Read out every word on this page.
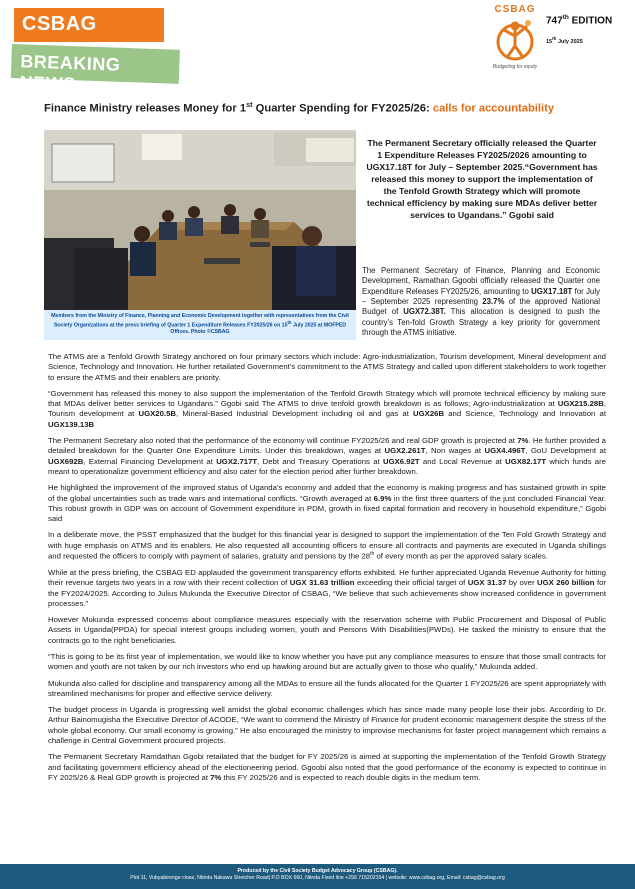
CSBAG
BREAKING NEWS
CSBAG
Budgeting for equity
747th EDITION
15th July 2025
Finance Ministry releases Money for 1st Quarter Spending for FY2025/26: calls for accountability
Members from the Ministry of Finance, Planning and Economic Development together with representatives from the Civil Society Organizations at the press briefing of Quarter 1 Expenditure Releases FY2025/26 on 15th July 2025 at MOFPED Offices. Photo ©CSBAG
The Permanent Secretary officially released the Quarter 1 Expenditure Releases FY2025/2026 amounting to UGX17.18T for July – September 2025.“Government has released this money to support the implementation of the Tenfold Growth Strategy which will promote technical efficiency by making sure MDAs deliver better services to Ugandans.” Ggobi said
The Permanent Secretary of Finance, Planning and Economic Development, Ramathan Ggoobi officially released the Quarter one Expenditure Releases FY2025/26, amounting to UGX17.18T for July – September 2025 representing 23.7% of the approved National Budget of UGX72.38T. This allocation is designed to push the country’s Ten-fold Growth Strategy a key priority for government through the ATMS initiative.

The ATMS are a Tenfold Growth Strategy anchored on four primary sectors which include: Agro-industrialization, Tourism development, Mineral development and Science, Technology and Innovation. He further retailated Government’s commitment to the ATMS Strategy and called upon different stakeholders to work together to ensure the ATMS and their enablers are priority.

“Government has released this money to also support the implementation of the Tenfold Growth Strategy which will promote technical efficiency by making sure that MDAs deliver better services to Ugandans.” Ggobi said The ATMS to drive tenfold growth breakdown is as follows; Agro-industrialization at UGX215.28B, Tourism development at UGX20.5B, Mineral-Based Industrial Development including oil and gas at UGX26B and Science, Technology and Innovation at UGX139.13B

The Permanent Secretary also noted that the performance of the economy will continue FY2025/26 and real GDP growth is projected at 7%. He further provided a detailed breakdown for the Quarter One Expenditure Limits. Under this breakdown, wages at UGX2.261T, Non wages at UGX4.496T, GoU Development at UGX692B, External Financing Development at UGX2.717T, Debt and Treasury Operations at UGX6.92T and Local Revenue at UGX82.17T which funds are meant to operationalize government efficiency and also cater for the election period after further breakdown.

He highlighted the improvement of the improved status of Uganda’s economy and added that the economy is making progress and has sustained growth in spite of the global uncertainties such as trade wars and international conflicts. “Growth averaged at 6.9% in the first three quarters of the just concluded Financial Year. This robust growth in GDP was on account of Government expenditure in PDM, growth in fixed capital formation and recovery in household expenditure,” Ggobi said

In a deliberate move, the PSST emphasized that the budget for this financial year is designed to support the implementation of the Ten Fold Growth Strategy and with huge emphasis on ATMS and its enablers. He also requested all accounting officers to ensure all contracts and payments are executed in Uganda shillings and requested the officers to comply with payment of salaries, gratuity and pensions by the 28th of every month as per the approved salary scales.

While at the press briefing, the CSBAG ED applauded the government transparency efforts exhibited. He further appreciated Uganda Revenue Authority for hitting their revenue targets two years in a row with their recent collection of UGX 31.63 trillion exceeding their official target of UGX 31.37 by over UGX 260 billion for the FY2024/2025. According to Julius Mukunda the Executive Director of CSBAG, “We believe that such achievements show increased confidence in government processes.”

However Mukunda expressed concerns about compliance measures especially with the reservation scheme with Public Procurement and Disposal of Public Assets in Uganda(PPDA) for special interest groups including women, youth and Persons With Disabilities(PWDs). He tasked the ministry to ensure that the contracts go to the right beneficiaries.

“This is going to be its first year of implementation, we would like to know whether you have put any compliance measures to ensure that those small contracts for women and youth are not taken by our rich investors who end up hawking around but are actually given to those who qualify,” Mukunda added.

Mukunda also called for discipline and transparency among all the MDAs to ensure all the funds allocated for the Quarter 1 FY2025/26 are spent appropriately with streamlined mechanisms for proper and effective service delivery.

The budget process in Uganda is progressing well amidst the global economic challenges which has since made many people lose their jobs. According to Dr. Arthur Bainomugisha the Executive Director of ACODE, “We want to commend the Ministry of Finance for prudent economic management despite the stress of the whole global economy. Our small economy is growing.” He also encouraged the ministry to improvise mechanisms for faster project management which remains a challenge in Central Government procured projects.

The Permanent Secretary Ramdathan Ggobi retailated that the budget for FY 2025/26 is aimed at supporting the implementation of the Tenfold Growth Strategy and facilitating government efficiency ahead of the electioneering period. Ggoobi also noted that the good performance of the economy is expected to continue in FY 2025/26 & Real GDP growth is projected at 7% this FY 2025/26 and is expected to reach double digits in the medium term.

Produced by the Civil Society Budget Advocacy Group (CSBAG).
Plot 11, Vubyabirenge close, Ntinda Nakawa Stretcher Road| P.O BOX 660, Ntinda Fixed line +256 715202154 | website: www.csbag.org, Email: csbag@csbag.org
